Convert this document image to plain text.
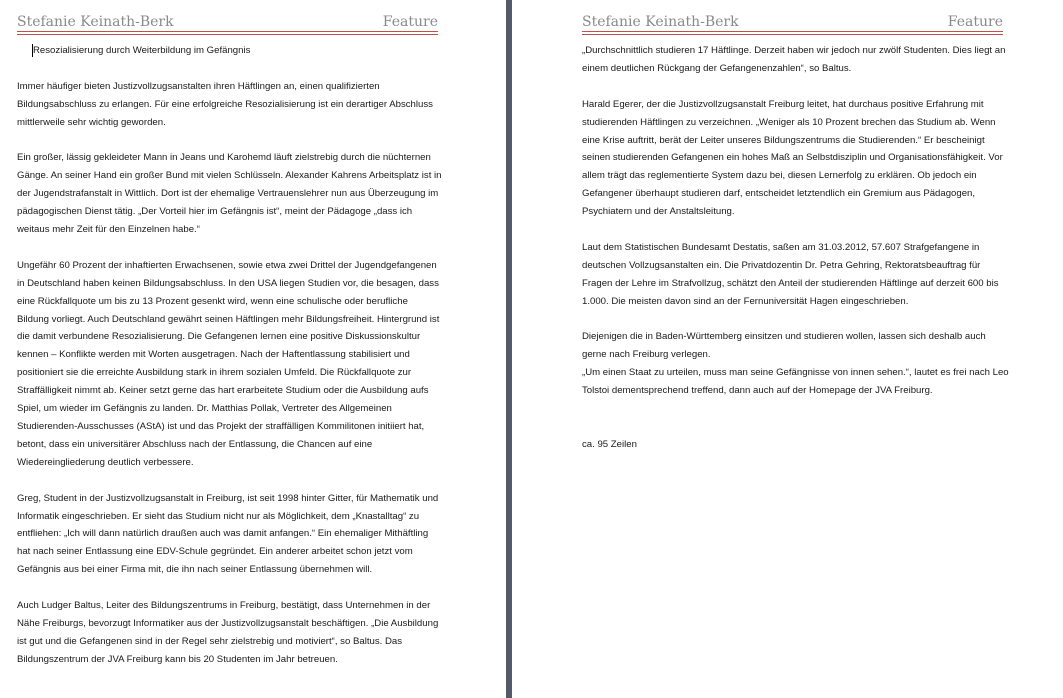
Stefanie Keinath-Berk	Feature

Resozialisierung durch Weiterbildung im Gefängnis

Immer häufiger bieten Justizvollzugsanstalten ihren Häftlingen an, einen qualifizierten Bildungsabschluss zu erlangen. Für eine erfolgreiche Resozialisierung ist ein derartiger Abschluss mittlerweile sehr wichtig geworden.

Ein großer, lässig gekleideter Mann in Jeans und Karohemd läuft zielstrebig durch die nüchternen Gänge. An seiner Hand ein großer Bund mit vielen Schlüsseln. Alexander Kahrens Arbeitsplatz ist in der Jugendstrafanstalt in Wittlich. Dort ist der ehemalige Vertrauenslehrer nun aus Überzeugung im pädagogischen Dienst tätig. „Der Vorteil hier im Gefängnis ist“, meint der Pädagoge „dass ich weitaus mehr Zeit für den Einzelnen habe.“

Ungefähr 60 Prozent der inhaftierten Erwachsenen, sowie etwa zwei Drittel der Jugendgefangenen in Deutschland haben keinen Bildungsabschluss. In den USA liegen Studien vor, die besagen, dass eine Rückfallquote um bis zu 13 Prozent gesenkt wird, wenn eine schulische oder berufliche Bildung vorliegt. Auch Deutschland gewährt seinen Häftlingen mehr Bildungsfreiheit. Hintergrund ist die damit verbundene Resozialisierung. Die Gefangenen lernen eine positive Diskussionskultur kennen – Konflikte werden mit Worten ausgetragen. Nach der Haftentlassung stabilisiert und positioniert sie die erreichte Ausbildung stark in ihrem sozialen Umfeld. Die Rückfallquote zur Straffälligkeit nimmt ab. Keiner setzt gerne das hart erarbeitete Studium oder die Ausbildung aufs Spiel, um wieder im Gefängnis zu landen. Dr. Matthias Pollak, Vertreter des Allgemeinen Studierenden-Ausschusses (AStA) ist und das Projekt der straffälligen Kommilitonen initiiert hat, betont, dass ein universitärer Abschluss nach der Entlassung, die Chancen auf eine Wiedereingliederung deutlich verbessere.

Greg, Student in der Justizvollzugsanstalt in Freiburg, ist seit 1998 hinter Gitter, für Mathematik und Informatik eingeschrieben. Er sieht das Studium nicht nur als Möglichkeit, dem „Knastalltag“ zu entfliehen: „Ich will dann natürlich draußen auch was damit anfangen.“ Ein ehemaliger Mithäftling hat nach seiner Entlassung eine EDV-Schule gegründet. Ein anderer arbeitet schon jetzt vom Gefängnis aus bei einer Firma mit, die ihn nach seiner Entlassung übernehmen will.

Auch Ludger Baltus, Leiter des Bildungszentrums in Freiburg, bestätigt, dass Unternehmen in der Nähe Freiburgs, bevorzugt Informatiker aus der Justizvollzugsanstalt beschäftigen. „Die Ausbildung ist gut und die Gefangenen sind in der Regel sehr zielstrebig und motiviert“, so Baltus. Das Bildungszentrum der JVA Freiburg kann bis 20 Studenten im Jahr betreuen.

Stefanie Keinath-Berk	Feature

„Durchschnittlich studieren 17 Häftlinge. Derzeit haben wir jedoch nur zwölf Studenten. Dies liegt an einem deutlichen Rückgang der Gefangenenzahlen“, so Baltus.

Harald Egerer, der die Justizvollzugsanstalt Freiburg leitet, hat durchaus positive Erfahrung mit studierenden Häftlingen zu verzeichnen. „Weniger als 10 Prozent brechen das Studium ab. Wenn eine Krise auftritt, berät der Leiter unseres Bildungszentrums die Studierenden.“ Er bescheinigt seinen studierenden Gefangenen ein hohes Maß an Selbstdisziplin und Organisationsfähigkeit. Vor allem trägt das reglementierte System dazu bei, diesen Lernerfolg zu erklären. Ob jedoch ein Gefangener überhaupt studieren darf, entscheidet letztendlich ein Gremium aus Pädagogen, Psychiatern und der Anstaltsleitung.

Laut dem Statistischen Bundesamt Destatis, saßen am 31.03.2012, 57.607 Strafgefangene in deutschen Vollzugsanstalten ein. Die Privatdozentin Dr. Petra Gehring, Rektoratsbeauftrag für Fragen der Lehre im Strafvollzug, schätzt den Anteil der studierenden Häftlinge auf derzeit 600 bis 1.000. Die meisten davon sind an der Fernuniversität Hagen eingeschrieben.

Diejenigen die in Baden-Württemberg einsitzen und studieren wollen, lassen sich deshalb auch gerne nach Freiburg verlegen.

„Um einen Staat zu urteilen, muss man seine Gefängnisse von innen sehen.“, lautet es frei nach Leo Tolstoi dementsprechend treffend, dann auch auf der Homepage der JVA Freiburg.

ca. 95 Zeilen
